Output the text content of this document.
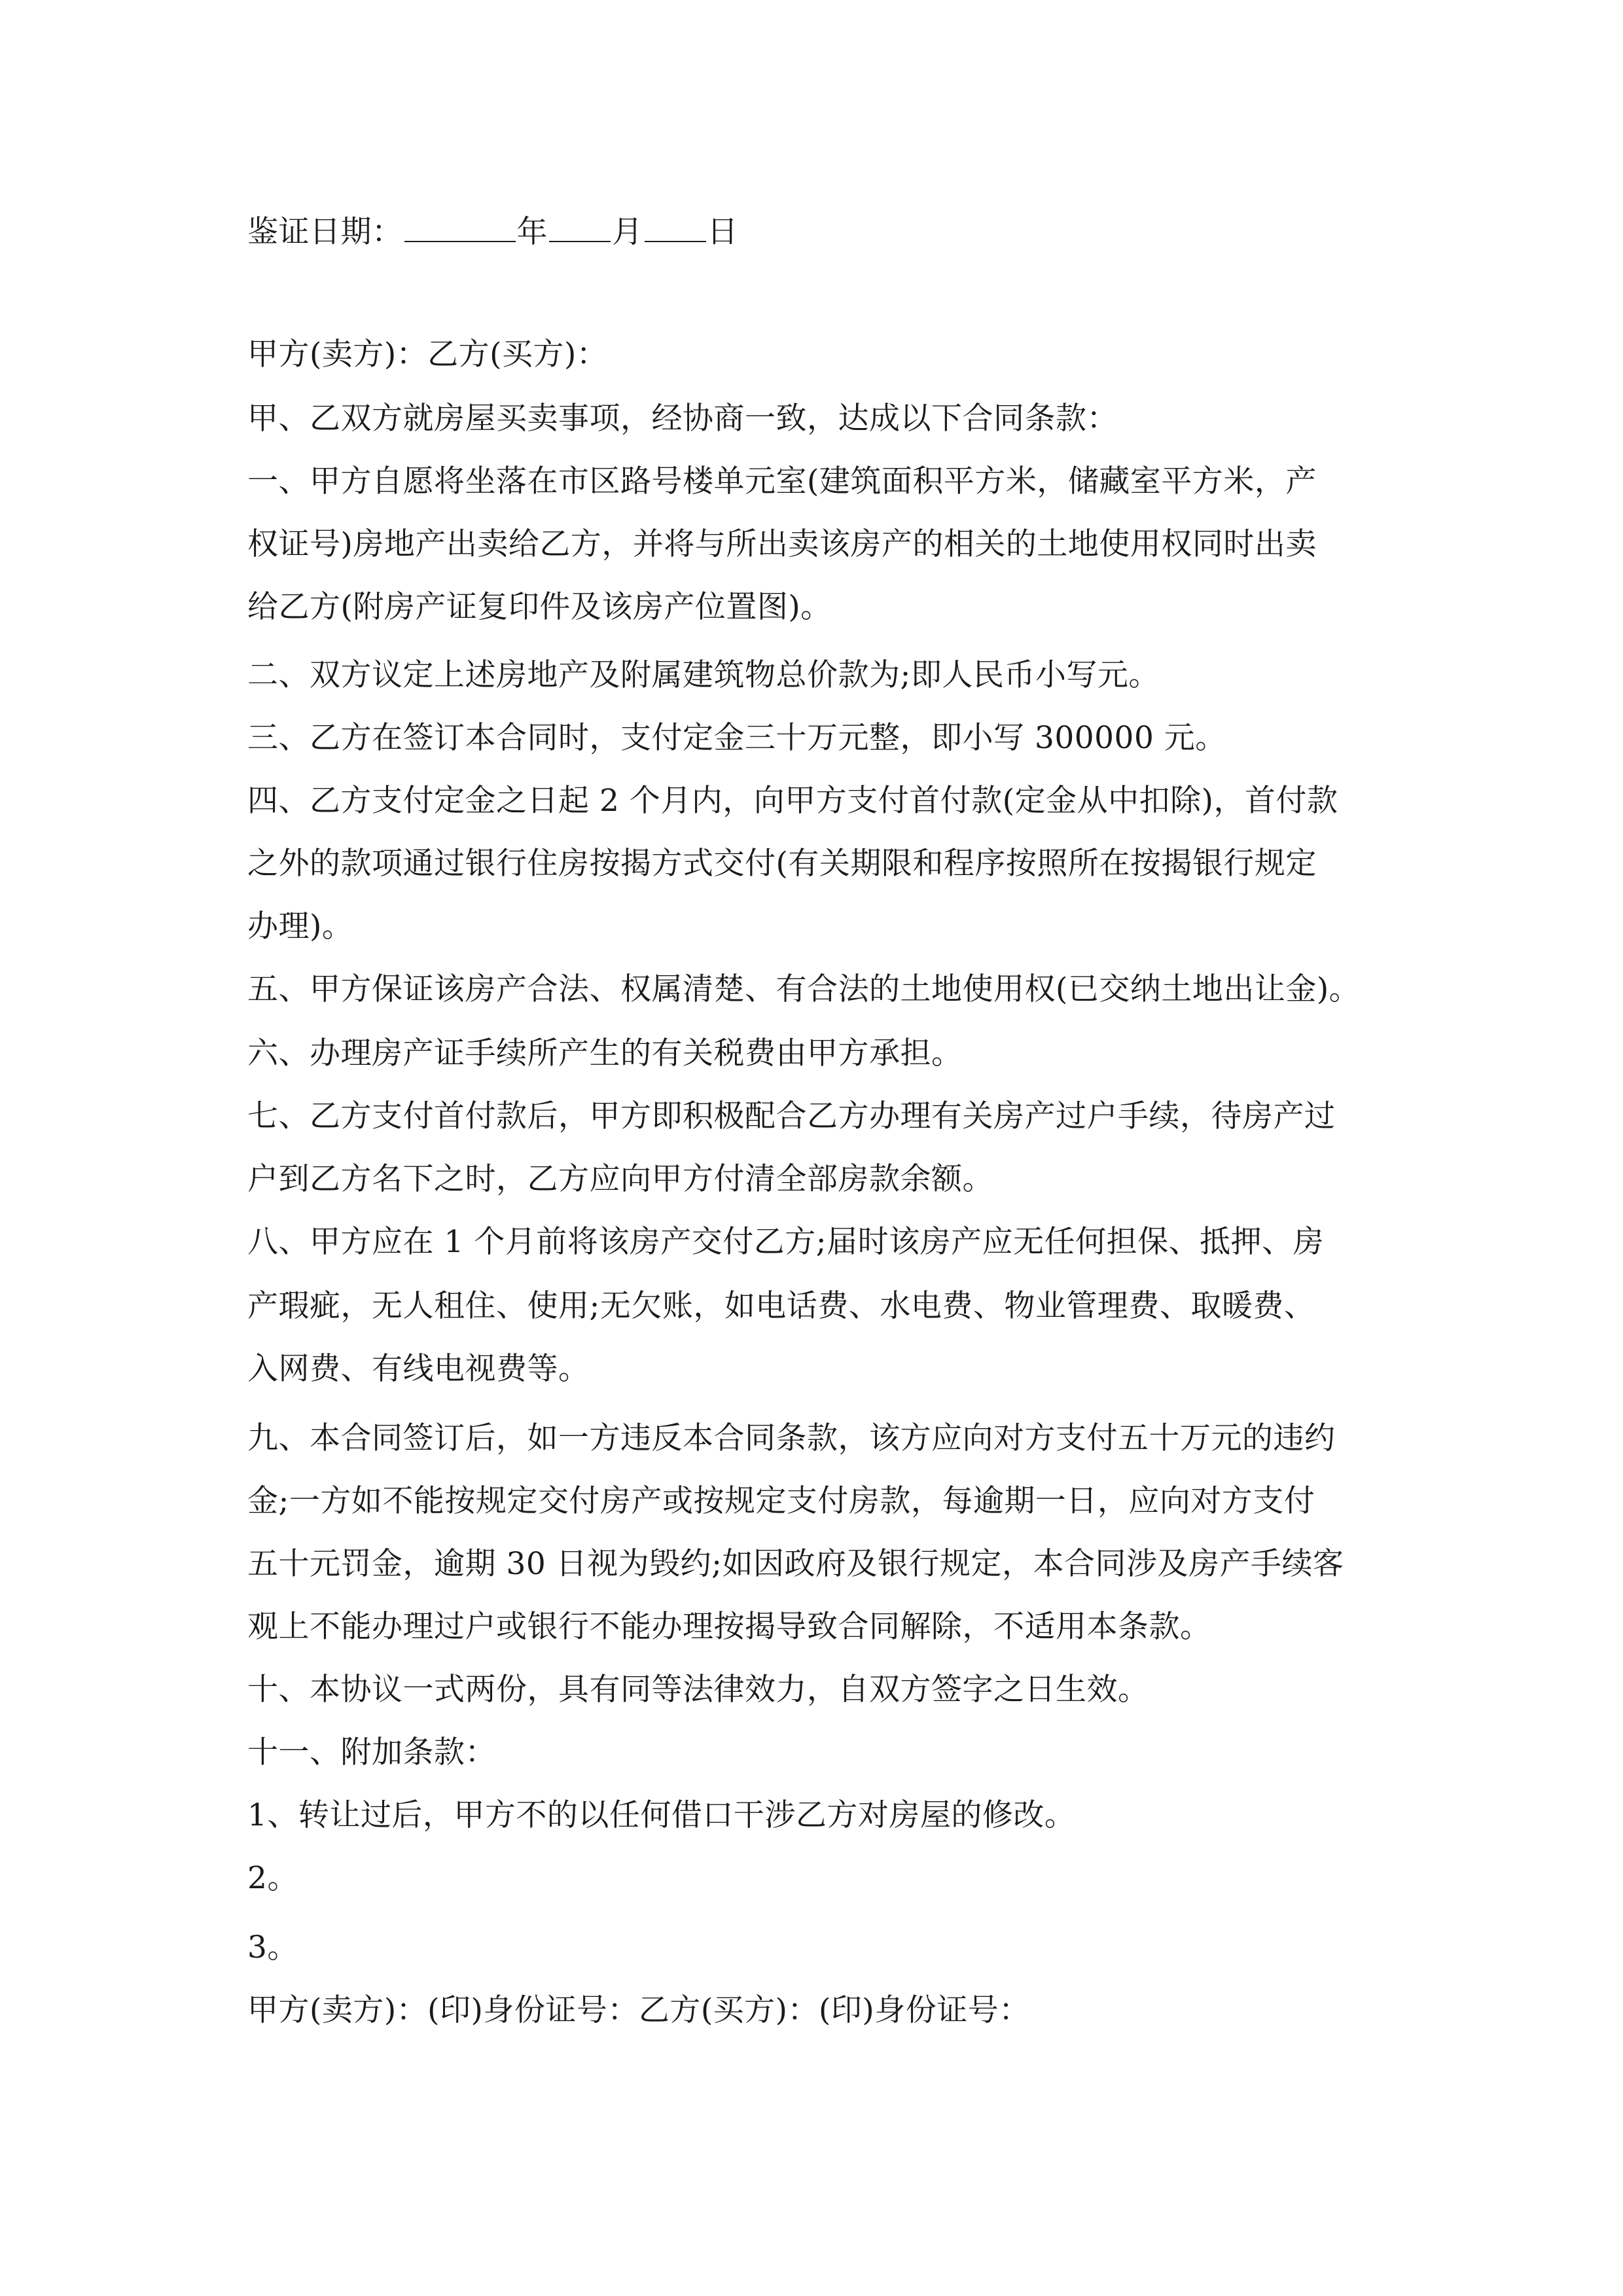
鉴证日期：	年 月 日
甲方(卖方)：乙方(买方)：
甲、乙双方就房屋买卖事项，经协商一致，达成以下合同条款：
一、甲方自愿将坐落在市区路号楼单元室(建筑面积平方米，储藏室平方米，产
权证号)房地产出卖给乙方，并将与所出卖该房产的相关的土地使用权同时出卖
给乙方(附房产证复印件及该房产位置图)。
二、双方议定上述房地产及附属建筑物总价款为;即人民币小写元。
三、乙方在签订本合同时，支付定金三十万元整，即小写 300000 元。
四、乙方支付定金之日起 2 个月内，向甲方支付首付款(定金从中扣除)，首付款
之外的款项通过银行住房按揭方式交付(有关期限和程序按照所在按揭银行规定
办理)。
五、甲方保证该房产合法、权属清楚、有合法的土地使用权(已交纳土地出让金)。
六、办理房产证手续所产生的有关税费由甲方承担。
七、乙方支付首付款后，甲方即积极配合乙方办理有关房产过户手续，待房产过
户到乙方名下之时，乙方应向甲方付清全部房款余额。
八、甲方应在 1 个月前将该房产交付乙方;届时该房产应无任何担保、抵押、房
产瑕疵，无人租住、使用;无欠账，如电话费、水电费、物业管理费、取暖费、
入网费、有线电视费等。
九、本合同签订后，如一方违反本合同条款，该方应向对方支付五十万元的违约
金;一方如不能按规定交付房产或按规定支付房款，每逾期一日，应向对方支付
五十元罚金，逾期 30 日视为毁约;如因政府及银行规定，本合同涉及房产手续客
观上不能办理过户或银行不能办理按揭导致合同解除，不适用本条款。
十、本协议一式两份，具有同等法律效力，自双方签字之日生效。
十一、附加条款：
1、转让过后，甲方不的以任何借口干涉乙方对房屋的修改。
2。
3。
甲方(卖方)：(印)身份证号：乙方(买方)：(印)身份证号：
